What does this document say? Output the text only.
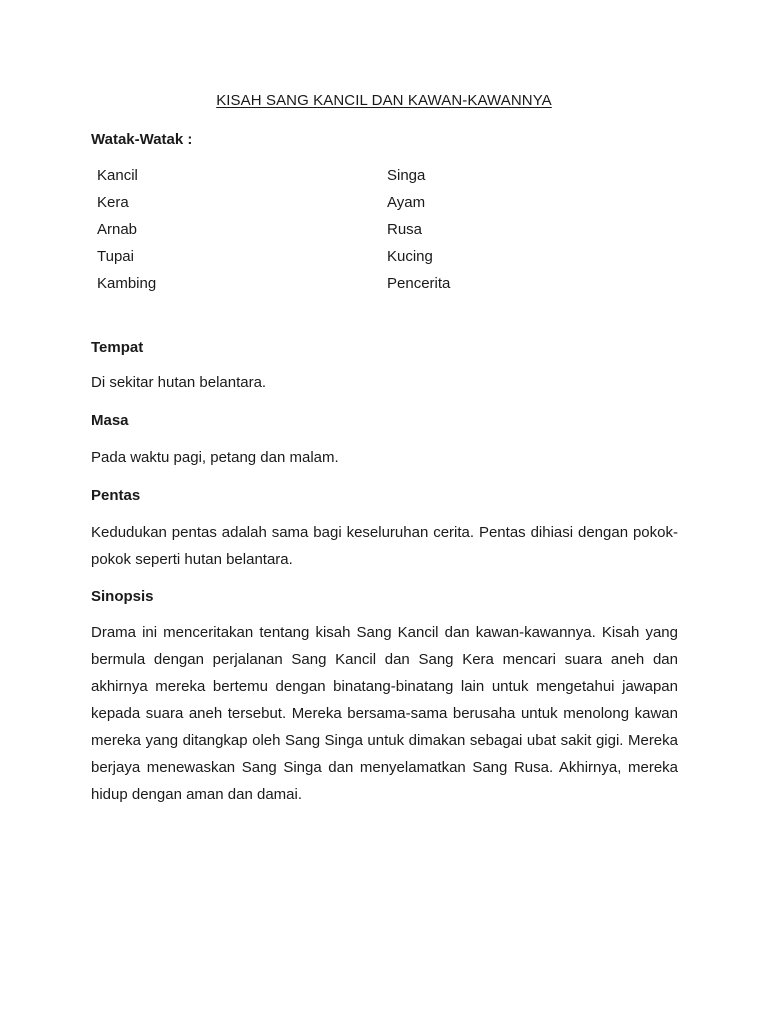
KISAH SANG KANCIL DAN KAWAN-KAWANNYA
Watak-Watak :
Kancil
Kera
Arnab
Tupai
Kambing
Singa
Ayam
Rusa
Kucing
Pencerita
Tempat

Di sekitar hutan belantara.

Masa

Pada waktu pagi, petang dan malam.

Pentas

Kedudukan pentas adalah sama bagi keseluruhan cerita. Pentas dihiasi dengan pokok-pokok seperti hutan belantara.

Sinopsis

Drama ini menceritakan tentang kisah Sang Kancil dan kawan-kawannya. Kisah yang bermula dengan perjalanan Sang Kancil dan Sang Kera mencari suara aneh dan akhirnya mereka bertemu dengan binatang-binatang lain untuk mengetahui jawapan kepada suara aneh tersebut. Mereka bersama-sama berusaha untuk menolong kawan mereka yang ditangkap oleh Sang Singa untuk dimakan sebagai ubat sakit gigi. Mereka berjaya menewaskan Sang Singa dan menyelamatkan Sang Rusa. Akhirnya, mereka hidup dengan aman dan damai.
